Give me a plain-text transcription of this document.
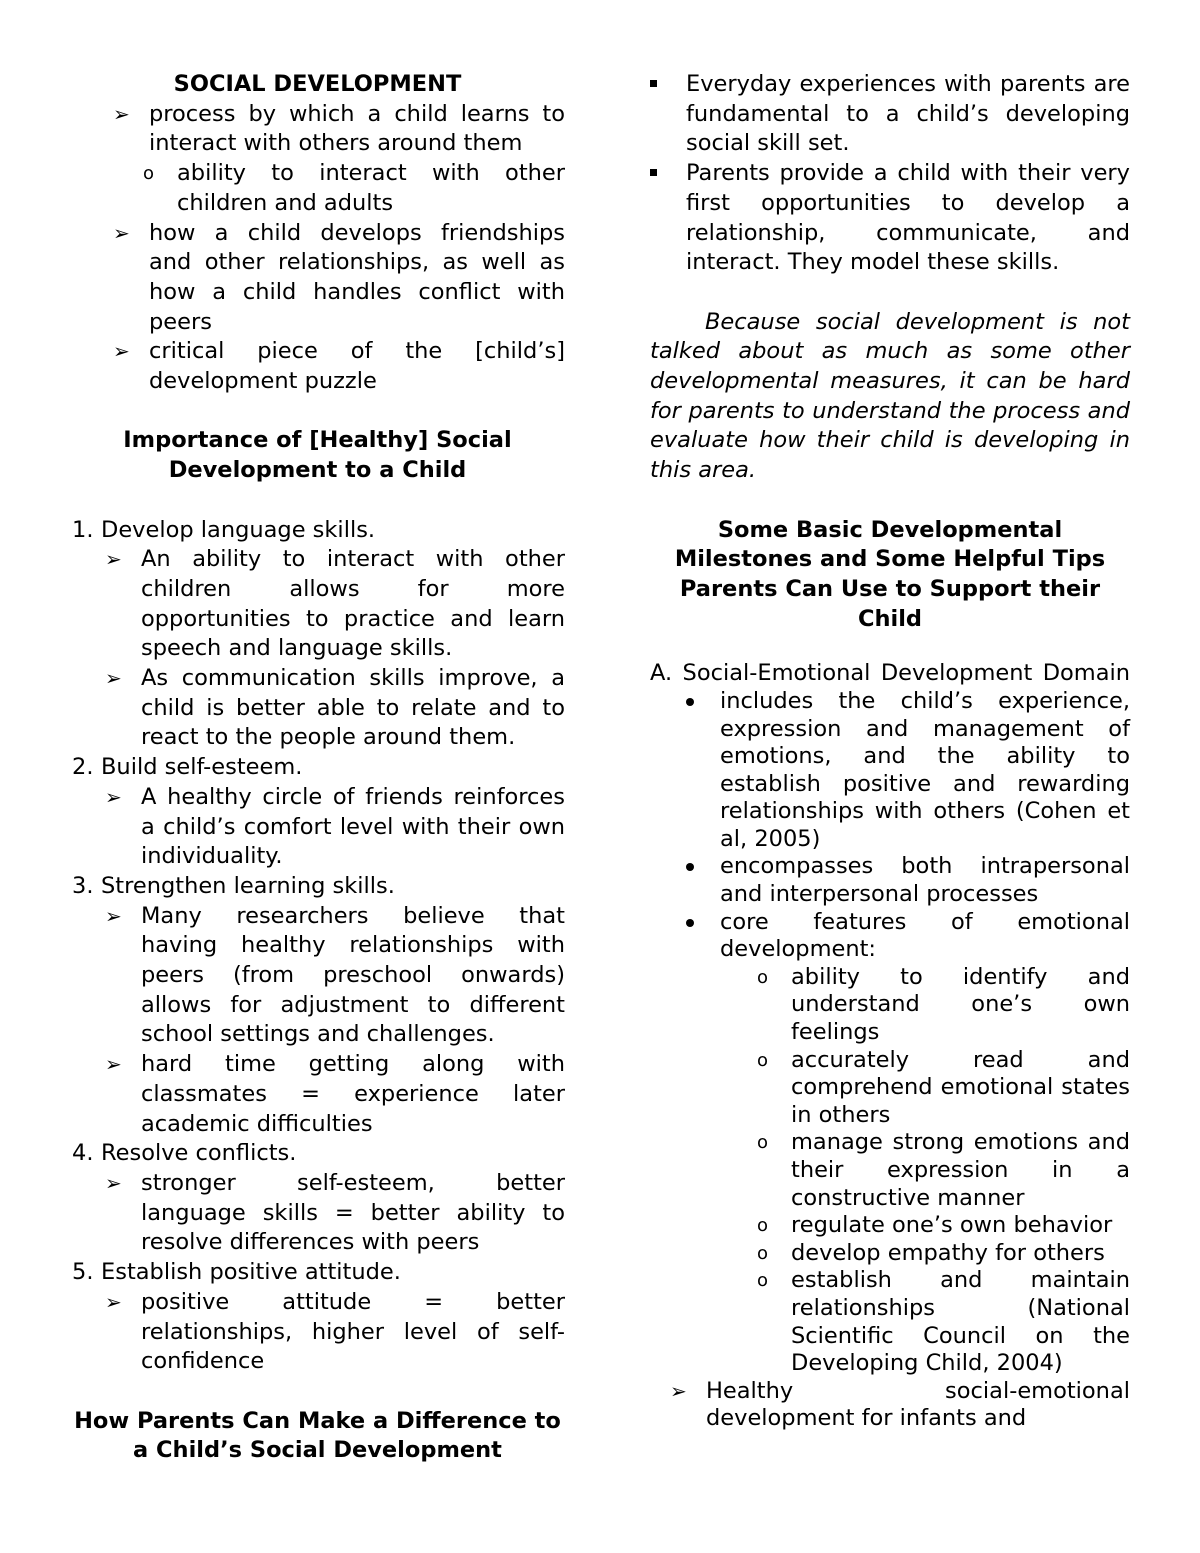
SOCIAL DEVELOPMENT

➢ process by which a child learns to interact with others around them
o ability to interact with other children and adults
➢ how a child develops friendships and other relationships, as well as how a child handles conflict with peers
➢ critical piece of the [child’s] development puzzle

Importance of [Healthy] Social Development to a Child

1. Develop language skills.
➢ An ability to interact with other children allows for more opportunities to practice and learn speech and language skills.
➢ As communication skills improve, a child is better able to relate and to react to the people around them.
2. Build self-esteem.
➢ A healthy circle of friends reinforces a child’s comfort level with their own individuality.
3. Strengthen learning skills.
➢ Many researchers believe that having healthy relationships with peers (from preschool onwards) allows for adjustment to different school settings and challenges.
➢ hard time getting along with classmates = experience later academic difficulties
4. Resolve conflicts.
➢ stronger self-esteem, better language skills = better ability to resolve differences with peers
5. Establish positive attitude.
➢ positive attitude = better relationships, higher level of self-confidence

How Parents Can Make a Difference to a Child’s Social Development

Everyday experiences with parents are fundamental to a child’s developing social skill set.
Parents provide a child with their very first opportunities to develop a relationship, communicate, and interact. They model these skills.

Because social development is not talked about as much as some other developmental measures, it can be hard for parents to understand the process and evaluate how their child is developing in this area.

Some Basic Developmental Milestones and Some Helpful Tips Parents Can Use to Support their Child

A. Social-Emotional Development Domain

includes the child’s experience, expression and management of emotions, and the ability to establish positive and rewarding relationships with others (Cohen et al, 2005)
encompasses both intrapersonal and interpersonal processes
core features of emotional development:
o ability to identify and understand one’s own feelings
o accurately read and comprehend emotional states in others
o manage strong emotions and their expression in a constructive manner
o regulate one’s own behavior
o develop empathy for others
o establish and maintain relationships (National Scientific Council on the Developing Child, 2004)
➢ Healthy social-emotional development for infants and
